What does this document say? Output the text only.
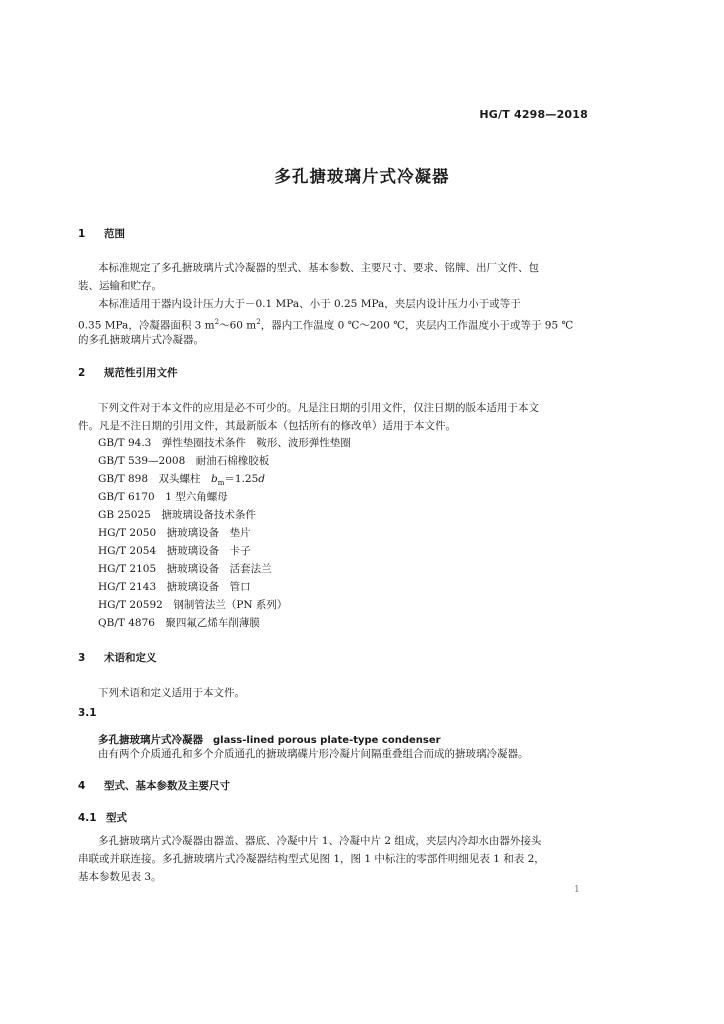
HG/T 4298—2018
多孔搪玻璃片式冷凝器
1 范围
本标准规定了多孔搪玻璃片式冷凝器的型式、基本参数、主要尺寸、要求、铭牌、出厂文件、包
装、运输和贮存。
本标准适用于器内设计压力大于－0.1 MPa、小于 0.25 MPa，夹层内设计压力小于或等于
0.35 MPa，冷凝器面积 3 $m^2\sim 60$ $m^2$，器内工作温度 0 ℃～200 ℃，夹层内工作温度小于或等于 95 ℃
的多孔搪玻璃片式冷凝器。
2 规范性引用文件
下列文件对于本文件的应用是必不可少的。凡是注日期的引用文件，仅注日期的版本适用于本文
件。凡是不注日期的引用文件，其最新版本（包括所有的修改单）适用于本文件。
GB/T 94.3　弹性垫圈技术条件　鞍形、波形弹性垫圈
GB/T 539—2008　耐油石棉橡胶板
GB/T 898　双头螺柱　$b_m=1.25d$
GB/T 6170　1 型六角螺母
GB 25025　搪玻璃设备技术条件
HG/T 2050　搪玻璃设备　垫片
HG/T 2054　搪玻璃设备　卡子
HG/T 2105　搪玻璃设备　活套法兰
HG/T 2143　搪玻璃设备　管口
HG/T 20592　钢制管法兰（PN 系列）
QB/T 4876　聚四氟乙烯车削薄膜
3 术语和定义
下列术语和定义适用于本文件。
3.1
多孔搪玻璃片式冷凝器 glass-lined porous plate-type condenser
由有两个介质通孔和多个介质通孔的搪玻璃碟片形冷凝片间隔重叠组合而成的搪玻璃冷凝器。
4 型式、基本参数及主要尺寸
4.1 型式
多孔搪玻璃片式冷凝器由器盖、器底、冷凝中片 1、冷凝中片 2 组成，夹层内冷却水由器外接头
串联或并联连接。多孔搪玻璃片式冷凝器结构型式见图 1，图 1 中标注的零部件明细见表 1 和表 2，
基本参数见表 3。
1
